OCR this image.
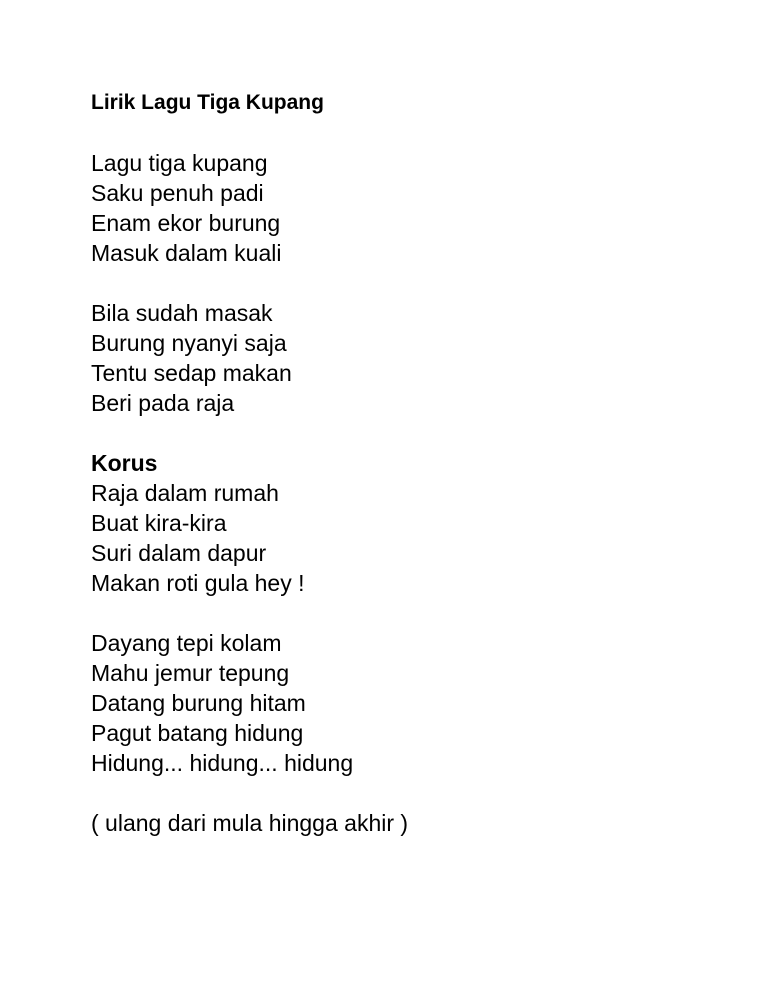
Lirik Lagu Tiga Kupang
Lagu tiga kupang
Saku penuh padi
Enam ekor burung
Masuk dalam kuali
Bila sudah masak
Burung nyanyi saja
Tentu sedap makan
Beri pada raja
Korus
Raja dalam rumah
Buat kira-kira
Suri dalam dapur
Makan roti gula hey !
Dayang tepi kolam
Mahu jemur tepung
Datang burung hitam
Pagut batang hidung
Hidung... hidung... hidung
( ulang dari mula hingga akhir )
